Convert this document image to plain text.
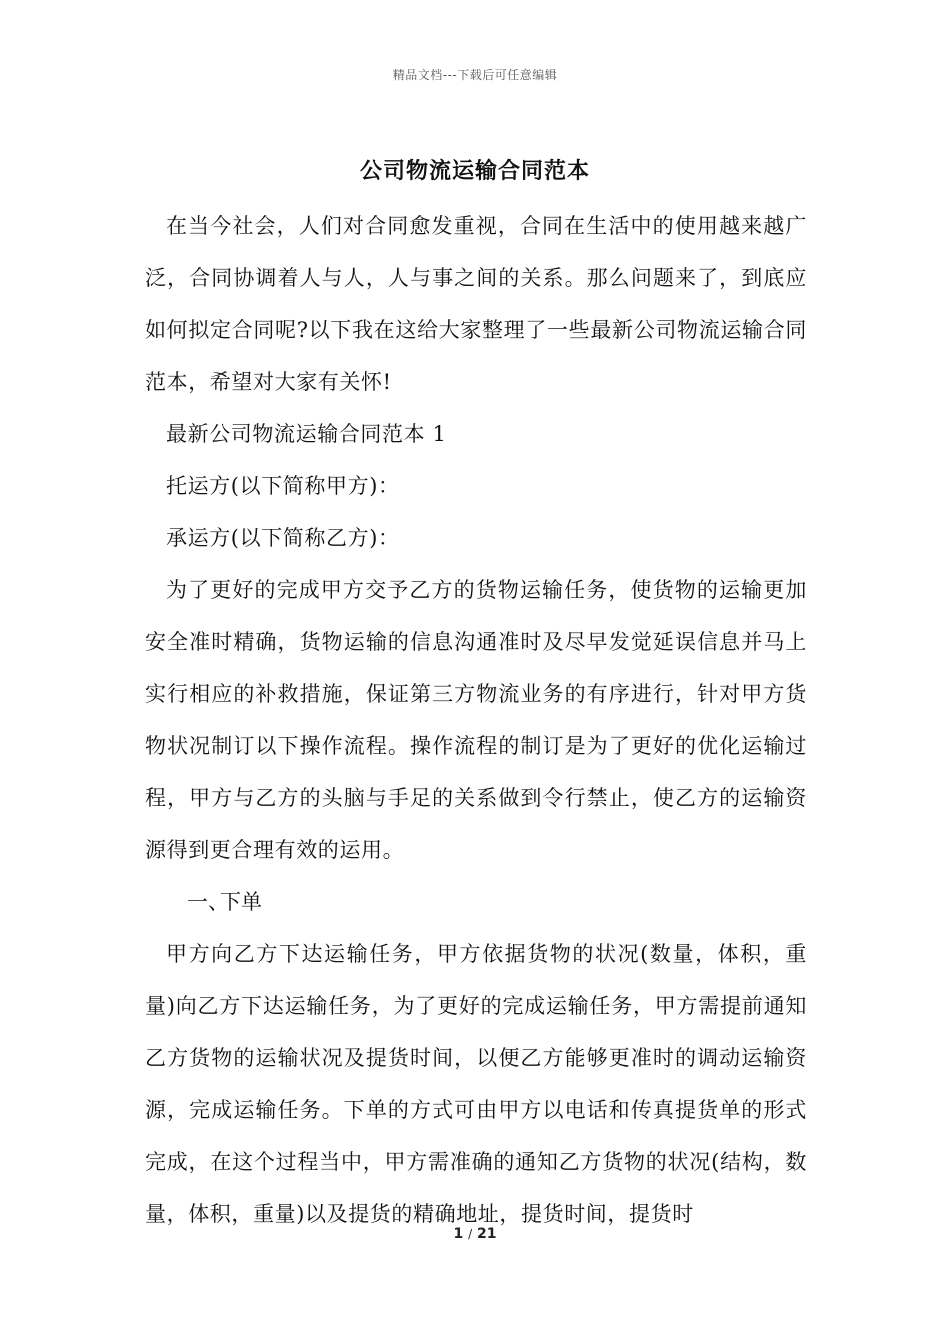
精品文档---下载后可任意编辑
公司物流运输合同范本

在当今社会，人们对合同愈发重视，合同在生活中的使用越来越广泛，合同协调着人与人，人与事之间的关系。那么问题来了，到底应如何拟定合同呢?以下我在这给大家整理了一些最新公司物流运输合同范本，希望对大家有关怀!

最新公司物流运输合同范本 1

托运方(以下简称甲方)：

承运方(以下简称乙方)：

为了更好的完成甲方交予乙方的货物运输任务，使货物的运输更加安全准时精确，货物运输的信息沟通准时及尽早发觉延误信息并马上实行相应的补救措施，保证第三方物流业务的有序进行，针对甲方货物状况制订以下操作流程。操作流程的制订是为了更好的优化运输过程，甲方与乙方的头脑与手足的关系做到令行禁止，使乙方的运输资源得到更合理有效的运用。

一、下单

甲方向乙方下达运输任务，甲方依据货物的状况(数量，体积，重量)向乙方下达运输任务，为了更好的完成运输任务，甲方需提前通知乙方货物的运输状况及提货时间，以便乙方能够更准时的调动运输资源，完成运输任务。下单的方式可由甲方以电话和传真提货单的形式完成，在这个过程当中，甲方需准确的通知乙方货物的状况(结构，数量，体积，重量)以及提货的精确地址，提货时间，提货时

1 / 21
